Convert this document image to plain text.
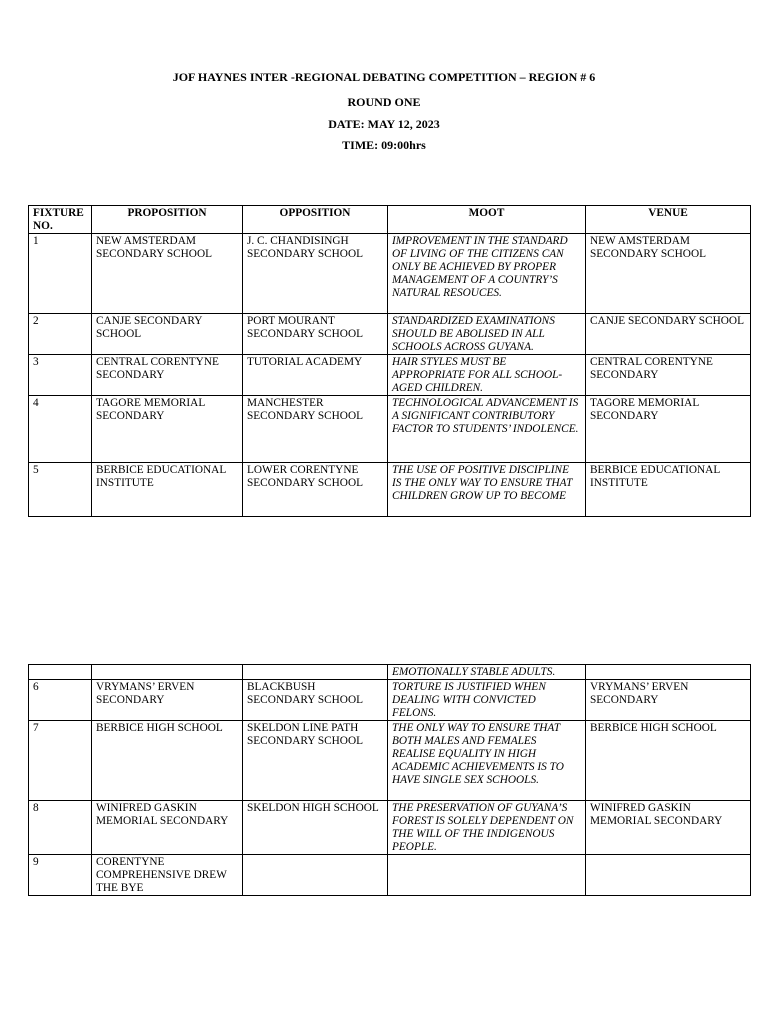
JOF HAYNES INTER -REGIONAL DEBATING COMPETITION – REGION # 6
ROUND ONE
DATE: MAY 12, 2023
TIME: 09:00hrs
FIXTURE NO.	PROPOSITION	OPPOSITION	MOOT	VENUE
1	NEW AMSTERDAM SECONDARY SCHOOL	J. C. CHANDISINGH SECONDARY SCHOOL	IMPROVEMENT IN THE STANDARD OF LIVING OF THE CITIZENS CAN ONLY BE ACHIEVED BY PROPER MANAGEMENT OF A COUNTRY’S NATURAL RESOUCES.	NEW AMSTERDAM SECONDARY SCHOOL
2	CANJE SECONDARY SCHOOL	PORT MOURANT SECONDARY SCHOOL	STANDARDIZED EXAMINATIONS SHOULD BE ABOLISED IN ALL SCHOOLS ACROSS GUYANA.	CANJE SECONDARY SCHOOL
3	CENTRAL CORENTYNE SECONDARY	TUTORIAL ACADEMY	HAIR STYLES MUST BE APPROPRIATE FOR ALL SCHOOL-AGED CHILDREN.	CENTRAL CORENTYNE SECONDARY
4	TAGORE MEMORIAL SECONDARY	MANCHESTER SECONDARY SCHOOL	TECHNOLOGICAL ADVANCEMENT IS A SIGNIFICANT CONTRIBUTORY FACTOR TO STUDENTS’ INDOLENCE.	TAGORE MEMORIAL SECONDARY
5	BERBICE EDUCATIONAL INSTITUTE	LOWER CORENTYNE SECONDARY SCHOOL	THE USE OF POSITIVE DISCIPLINE IS THE ONLY WAY TO ENSURE THAT CHILDREN GROW UP TO BECOME	BERBICE EDUCATIONAL INSTITUTE
			EMOTIONALLY STABLE ADULTS.	
6	VRYMANS’ ERVEN SECONDARY	BLACKBUSH SECONDARY SCHOOL	TORTURE IS JUSTIFIED WHEN DEALING WITH CONVICTED FELONS.	VRYMANS’ ERVEN SECONDARY
7	BERBICE HIGH SCHOOL	SKELDON LINE PATH SECONDARY SCHOOL	THE ONLY WAY TO ENSURE THAT BOTH MALES AND FEMALES REALISE EQUALITY IN HIGH ACADEMIC ACHIEVEMENTS IS TO HAVE SINGLE SEX SCHOOLS.	BERBICE HIGH SCHOOL
8	WINIFRED GASKIN MEMORIAL SECONDARY	SKELDON HIGH SCHOOL	THE PRESERVATION OF GUYANA’S FOREST IS SOLELY DEPENDENT ON THE WILL OF THE INDIGENOUS PEOPLE.	WINIFRED GASKIN MEMORIAL SECONDARY
9	CORENTYNE COMPREHENSIVE DREW THE BYE			
